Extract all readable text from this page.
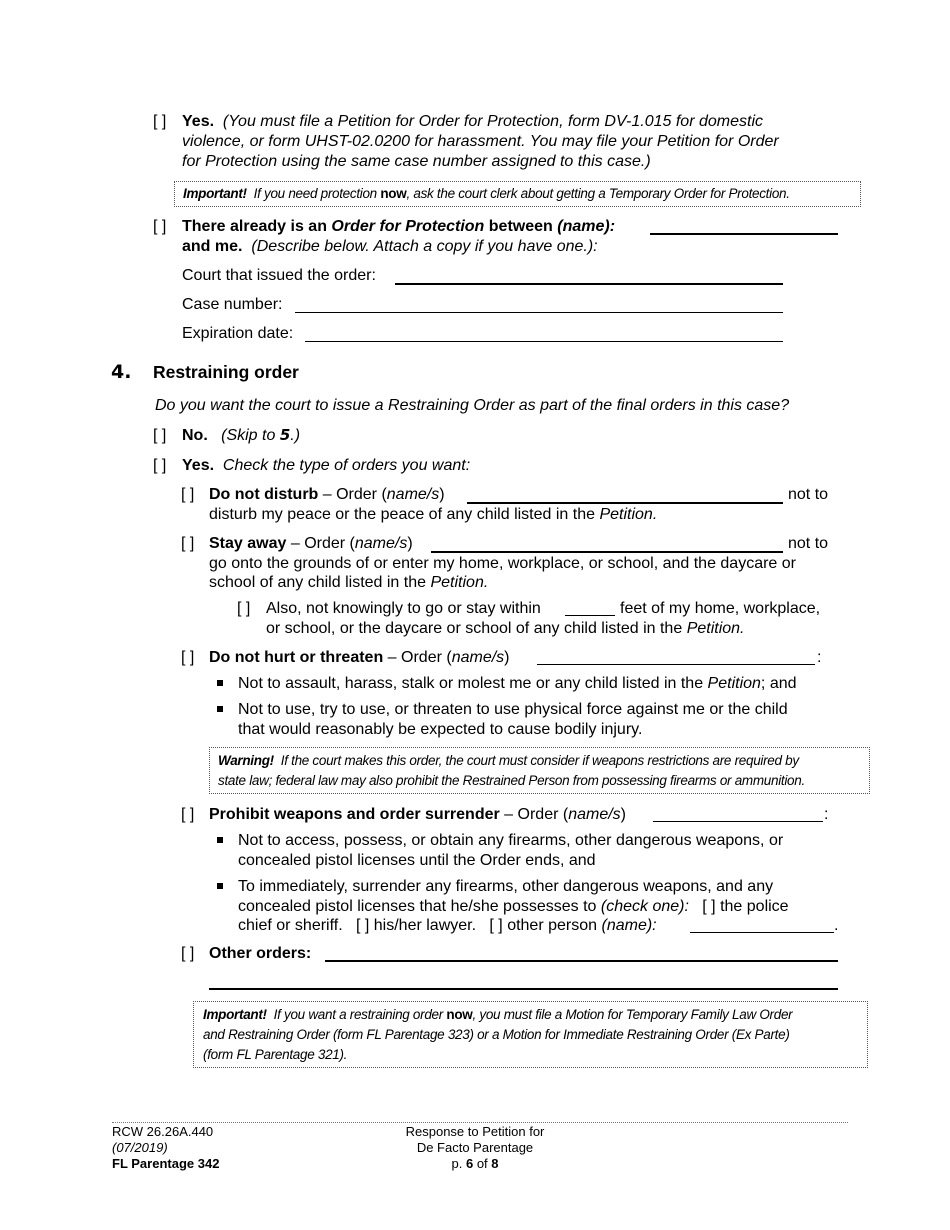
[ ] Yes. (You must file a Petition for Order for Protection, form DV-1.015 for domestic
violence, or form UHST-02.0200 for harassment. You may file your Petition for Order
for Protection using the same case number assigned to this case.)
Important! If you need protection now, ask the court clerk about getting a Temporary Order for Protection.
[ ] There already is an Order for Protection between (name):
and me. (Describe below. Attach a copy if you have one.):
Court that issued the order:
Case number:
Expiration date:
4. Restraining order
Do you want the court to issue a Restraining Order as part of the final orders in this case?
[ ] No. (Skip to 5.)
[ ] Yes. Check the type of orders you want:
[ ] Do not disturb – Order (name/s)	not to
disturb my peace or the peace of any child listed in the Petition.
[ ] Stay away – Order (name/s)	not to
go onto the grounds of or enter my home, workplace, or school, and the daycare or
school of any child listed in the Petition.
[ ] Also, not knowingly to go or stay within	feet of my home, workplace,
or school, or the daycare or school of any child listed in the Petition.
[ ] Do not hurt or threaten – Order (name/s)	:
Not to assault, harass, stalk or molest me or any child listed in the Petition; and
Not to use, try to use, or threaten to use physical force against me or the child
that would reasonably be expected to cause bodily injury.
Warning! If the court makes this order, the court must consider if weapons restrictions are required by
state law; federal law may also prohibit the Restrained Person from possessing firearms or ammunition.
[ ] Prohibit weapons and order surrender – Order (name/s)	:
Not to access, possess, or obtain any firearms, other dangerous weapons, or
concealed pistol licenses until the Order ends, and
To immediately, surrender any firearms, other dangerous weapons, and any
concealed pistol licenses that he/she possesses to (check one): [ ] the police
chief or sheriff. [ ] his/her lawyer. [ ] other person (name):	.
[ ] Other orders:
Important! If you want a restraining order now, you must file a Motion for Temporary Family Law Order
and Restraining Order (form FL Parentage 323) or a Motion for Immediate Restraining Order (Ex Parte)
(form FL Parentage 321).
RCW 26.26A.440
(07/2019)
FL Parentage 342
Response to Petition for
De Facto Parentage
p. 6 of 8
